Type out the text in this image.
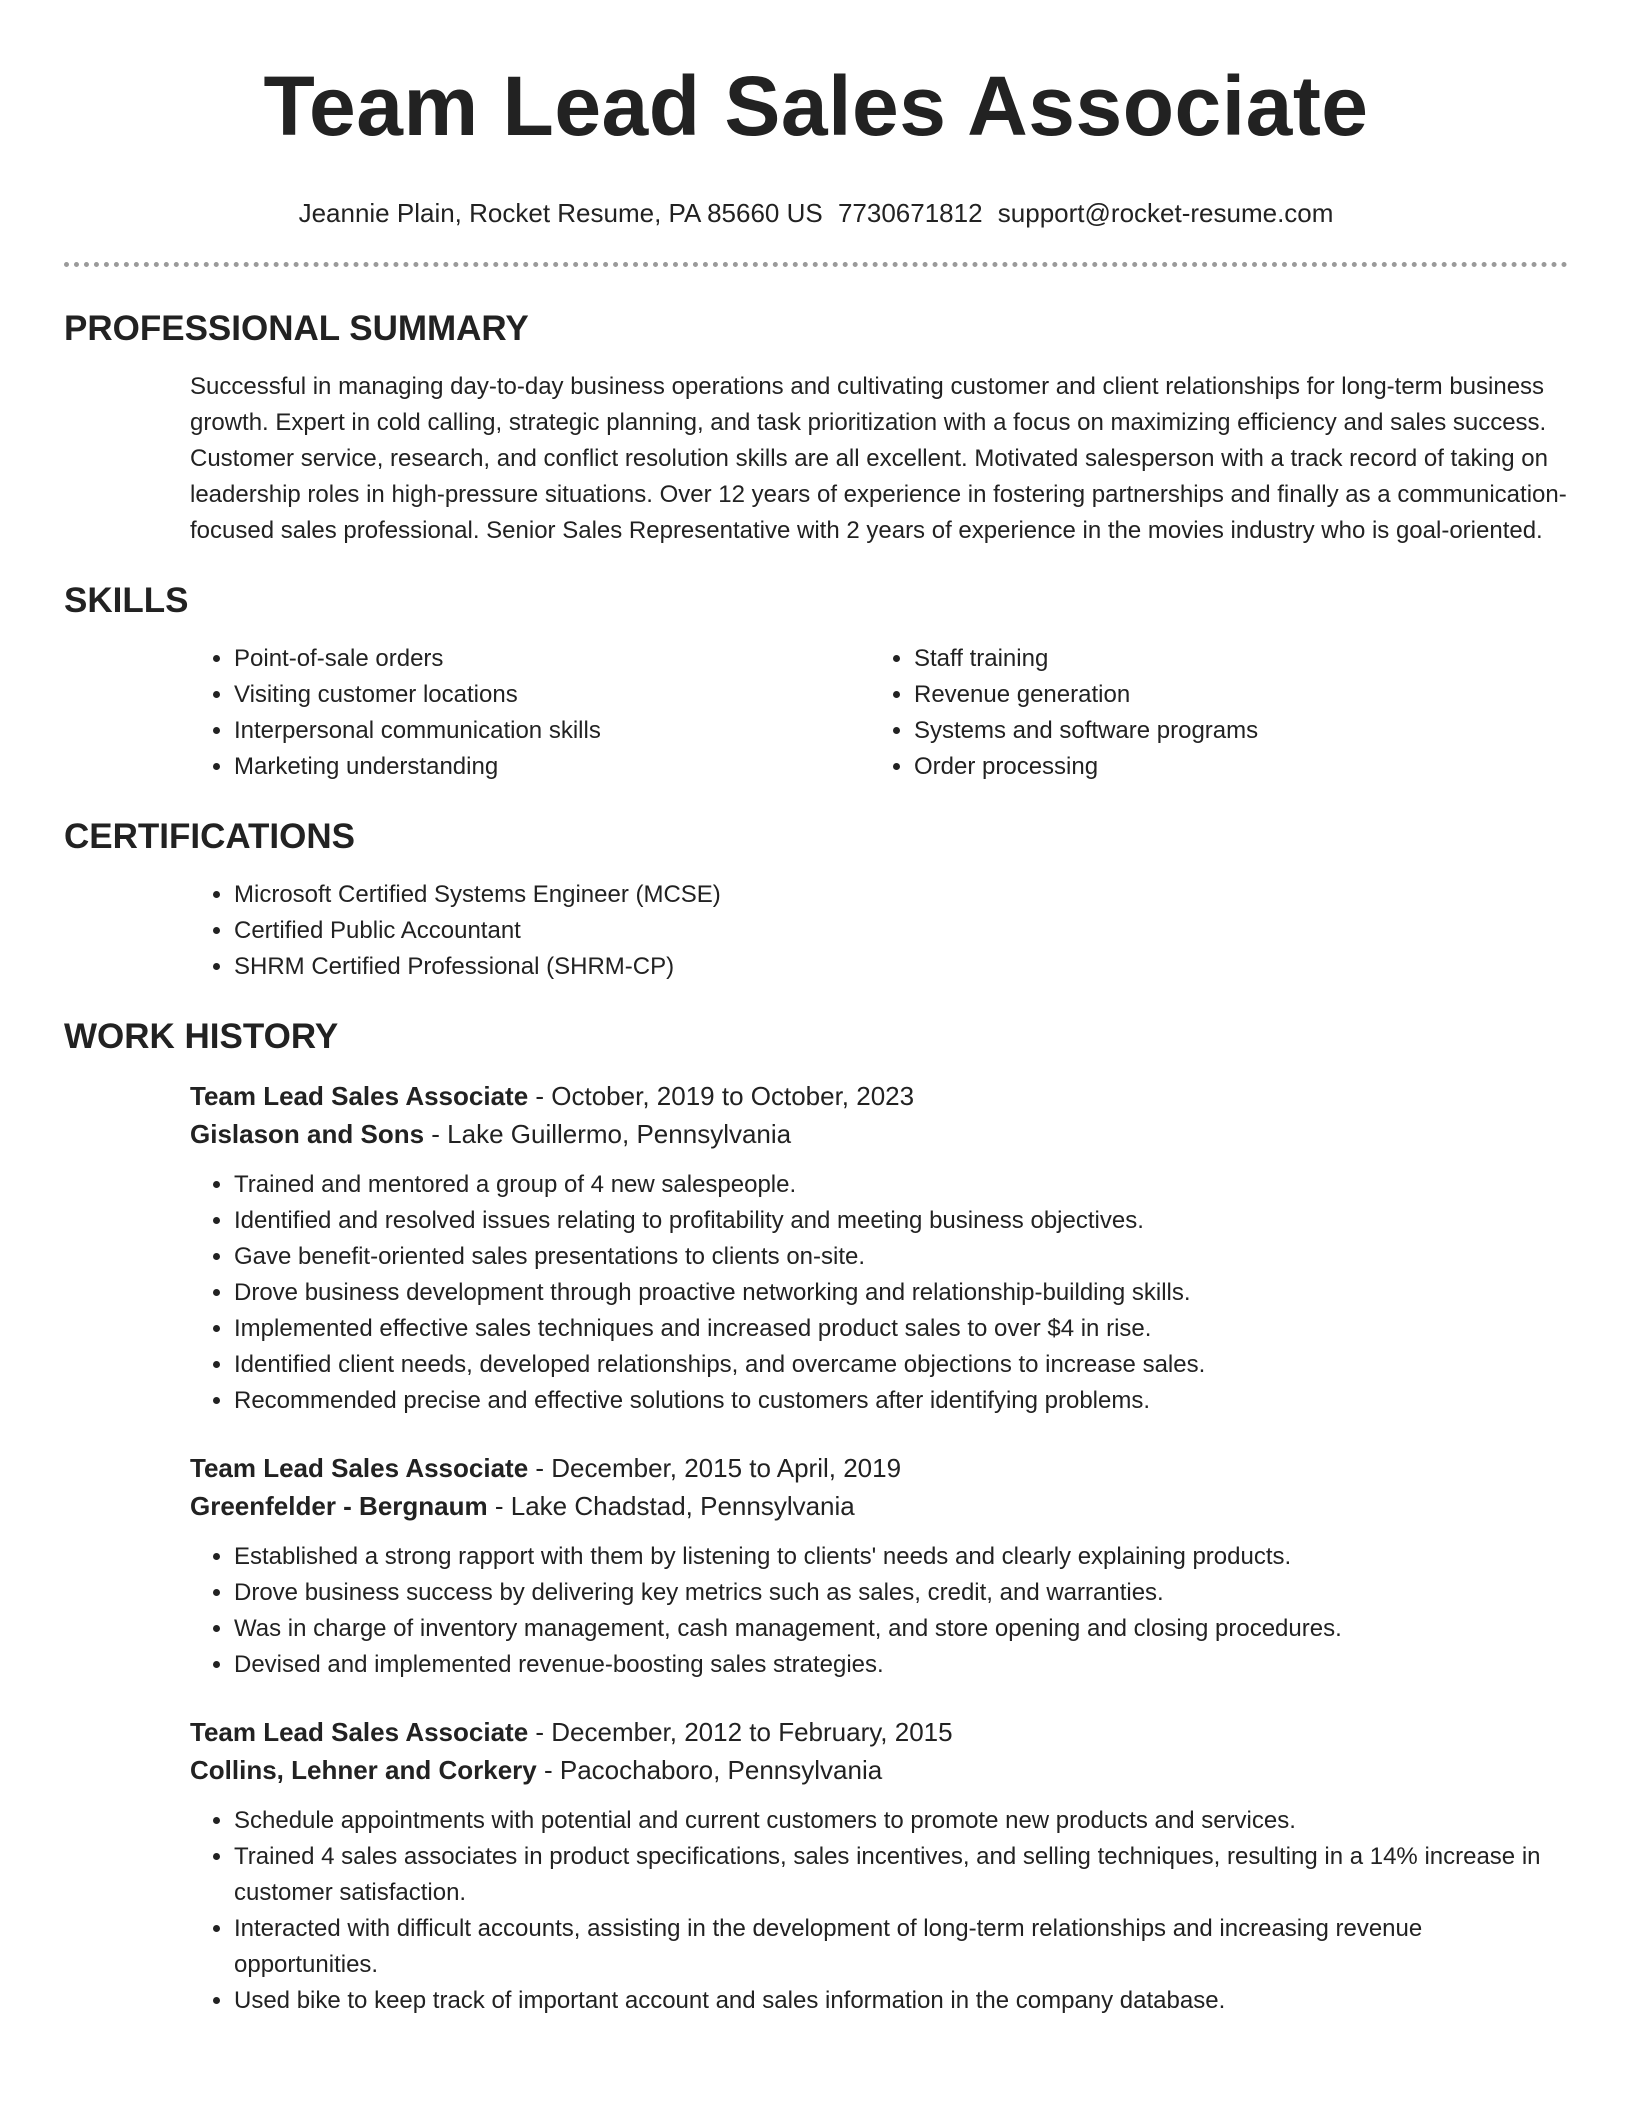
Team Lead Sales Associate
Jeannie Plain, Rocket Resume, PA 85660 US 7730671812 support@rocket-resume.com
PROFESSIONAL SUMMARY
Successful in managing day-to-day business operations and cultivating customer and client relationships for long-term business growth. Expert in cold calling, strategic planning, and task prioritization with a focus on maximizing efficiency and sales success. Customer service, research, and conflict resolution skills are all excellent. Motivated salesperson with a track record of taking on leadership roles in high-pressure situations. Over 12 years of experience in fostering partnerships and finally as a communication-focused sales professional. Senior Sales Representative with 2 years of experience in the movies industry who is goal-oriented.
SKILLS
• Point-of-sale orders
• Visiting customer locations
• Interpersonal communication skills
• Marketing understanding
• Staff training
• Revenue generation
• Systems and software programs
• Order processing
CERTIFICATIONS
• Microsoft Certified Systems Engineer (MCSE)
• Certified Public Accountant
• SHRM Certified Professional (SHRM-CP)
WORK HISTORY
Team Lead Sales Associate - October, 2019 to October, 2023
Gislason and Sons - Lake Guillermo, Pennsylvania
• Trained and mentored a group of 4 new salespeople.
• Identified and resolved issues relating to profitability and meeting business objectives.
• Gave benefit-oriented sales presentations to clients on-site.
• Drove business development through proactive networking and relationship-building skills.
• Implemented effective sales techniques and increased product sales to over $4 in rise.
• Identified client needs, developed relationships, and overcame objections to increase sales.
• Recommended precise and effective solutions to customers after identifying problems.
Team Lead Sales Associate - December, 2015 to April, 2019
Greenfelder - Bergnaum - Lake Chadstad, Pennsylvania
• Established a strong rapport with them by listening to clients' needs and clearly explaining products.
• Drove business success by delivering key metrics such as sales, credit, and warranties.
• Was in charge of inventory management, cash management, and store opening and closing procedures.
• Devised and implemented revenue-boosting sales strategies.
Team Lead Sales Associate - December, 2012 to February, 2015
Collins, Lehner and Corkery - Pacochaboro, Pennsylvania
• Schedule appointments with potential and current customers to promote new products and services.
• Trained 4 sales associates in product specifications, sales incentives, and selling techniques, resulting in a 14% increase in customer satisfaction.
• Interacted with difficult accounts, assisting in the development of long-term relationships and increasing revenue opportunities.
• Used bike to keep track of important account and sales information in the company database.
